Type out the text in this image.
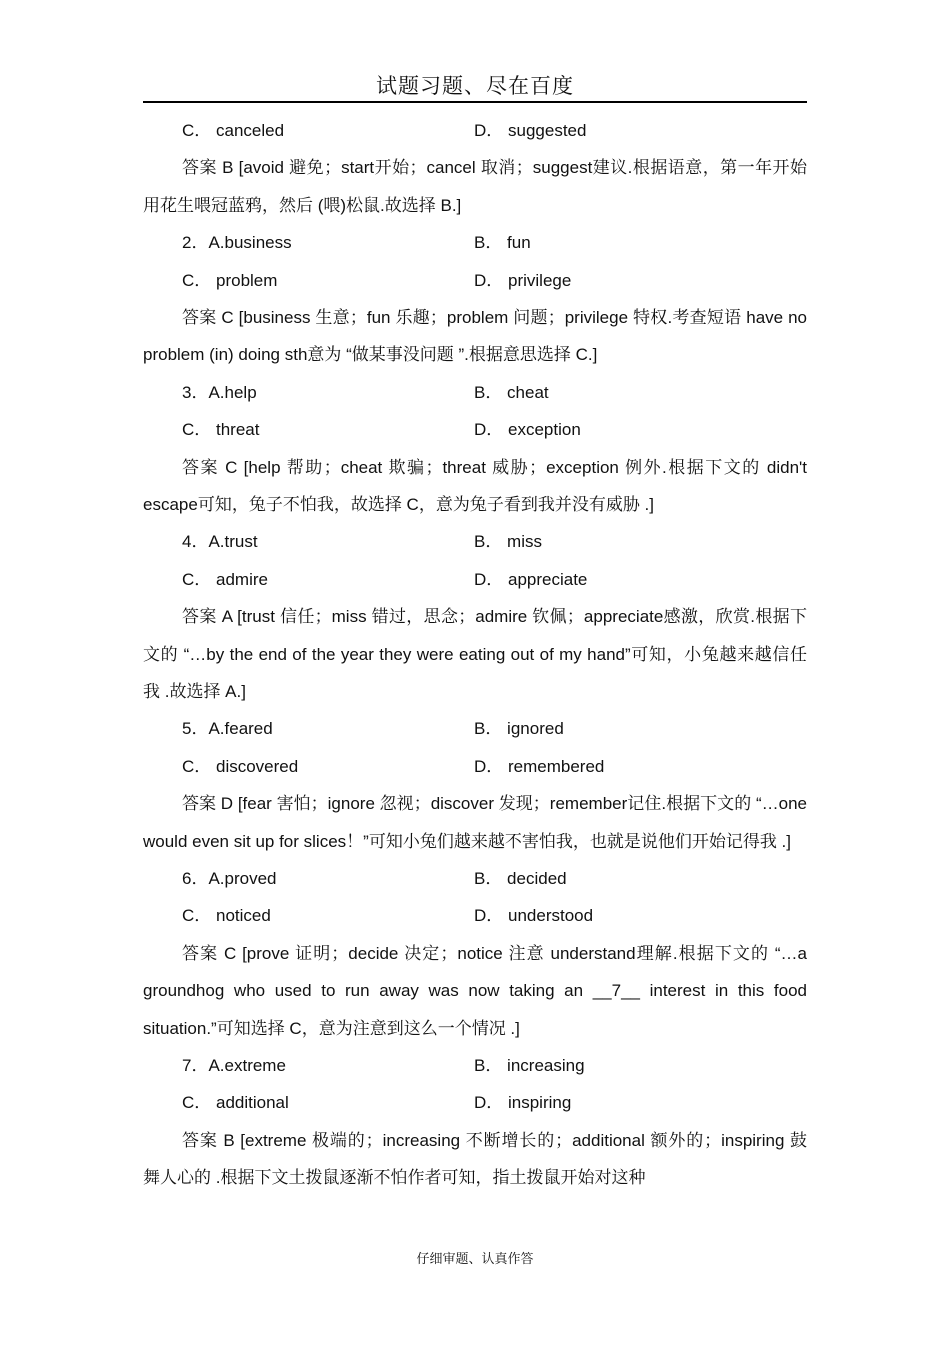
试题习题、尽在百度
C． canceled	D． suggested

答案 B [avoid 避免；start开始；cancel 取消；suggest建议.根据语意，第一年开始用花生喂冠蓝鸦，然后 (喂)松鼠.故选择 B.]

2．A.business	B． fun
C． problem	D． privilege

答案 C [business 生意；fun 乐趣；problem 问题；privilege 特权.考查短语 have no problem (in) doing sth意为 “做某事没问题 ”.根据意思选择 C.]

3．A.help	B． cheat
C． threat	D． exception

答案 C [help 帮助；cheat 欺骗；threat 威胁；exception 例外.根据下文的 didn't escape可知，兔子不怕我，故选择 C，意为兔子看到我并没有威胁 .]

4．A.trust	B． miss
C． admire	D． appreciate

答案 A [trust 信任；miss 错过，思念；admire 钦佩；appreciate感激，欣赏.根据下文的 “…by the end of the year they were eating out of my hand”可知，小兔越来越信任我 .故选择 A.]

5．A.feared	B． ignored
C． discovered	D． remembered

答案 D [fear 害怕；ignore 忽视；discover 发现；remember记住.根据下文的 “…one would even sit up for slices！”可知小兔们越来越不害怕我，也就是说他们开始记得我 .]

6．A.proved	B． decided
C． noticed	D． understood

答案 C [prove 证明；decide 决定；notice 注意 understand理解.根据下文的 “…a groundhog who used to run away was now taking an __7__ interest in this food situation.”可知选择 C，意为注意到这么一个情况 .]

7．A.extreme	B． increasing
C． additional	D． inspiring

答案 B [extreme 极端的；increasing 不断增长的；additional 额外的；inspiring 鼓舞人心的 .根据下文土拨鼠逐渐不怕作者可知，指土拨鼠开始对这种

仔细审题、认真作答
